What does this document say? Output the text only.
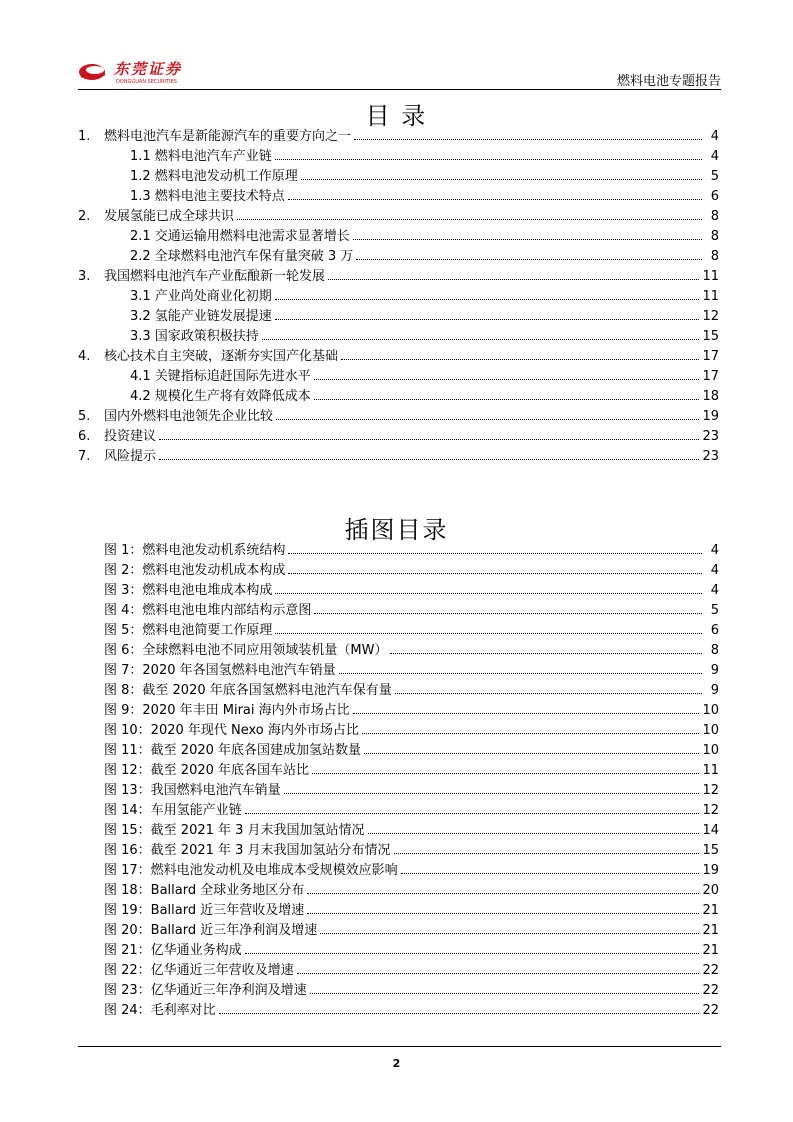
东莞证券
DONGGUAN SECURITIES	燃料电池专题报告
目 录
1.	燃料电池汽车是新能源汽车的重要方向之一	4
1.1 燃料电池汽车产业链	4
1.2 燃料电池发动机工作原理	5
1.3 燃料电池主要技术特点	6
2.	发展氢能已成全球共识	8
2.1 交通运输用燃料电池需求显著增长	8
2.2 全球燃料电池汽车保有量突破 3 万	8
3.	我国燃料电池汽车产业酝酿新一轮发展	11
3.1 产业尚处商业化初期	11
3.2 氢能产业链发展提速	12
3.3 国家政策积极扶持	15
4.	核心技术自主突破，逐渐夯实国产化基础	17
4.1 关键指标追赶国际先进水平	17
4.2 规模化生产将有效降低成本	18
5.	国内外燃料电池领先企业比较	19
6.	投资建议	23
7.	风险提示	23
插图目录
图 1：燃料电池发动机系统结构	4
图 2：燃料电池发动机成本构成	4
图 3：燃料电池电堆成本构成	4
图 4：燃料电池电堆内部结构示意图	5
图 5：燃料电池简要工作原理	6
图 6：全球燃料电池不同应用领域装机量（MW）	8
图 7：2020 年各国氢燃料电池汽车销量	9
图 8：截至 2020 年底各国氢燃料电池汽车保有量	9
图 9：2020 年丰田 Mirai 海内外市场占比	10
图 10：2020 年现代 Nexo 海内外市场占比	10
图 11：截至 2020 年底各国建成加氢站数量	10
图 12：截至 2020 年底各国车站比	11
图 13：我国燃料电池汽车销量	12
图 14：车用氢能产业链	12
图 15：截至 2021 年 3 月末我国加氢站情况	14
图 16：截至 2021 年 3 月末我国加氢站分布情况	15
图 17：燃料电池发动机及电堆成本受规模效应影响	19
图 18：Ballard 全球业务地区分布	20
图 19：Ballard 近三年营收及增速	21
图 20：Ballard 近三年净利润及增速	21
图 21：亿华通业务构成	21
图 22：亿华通近三年营收及增速	22
图 23：亿华通近三年净利润及增速	22
图 24：毛利率对比	22
2
